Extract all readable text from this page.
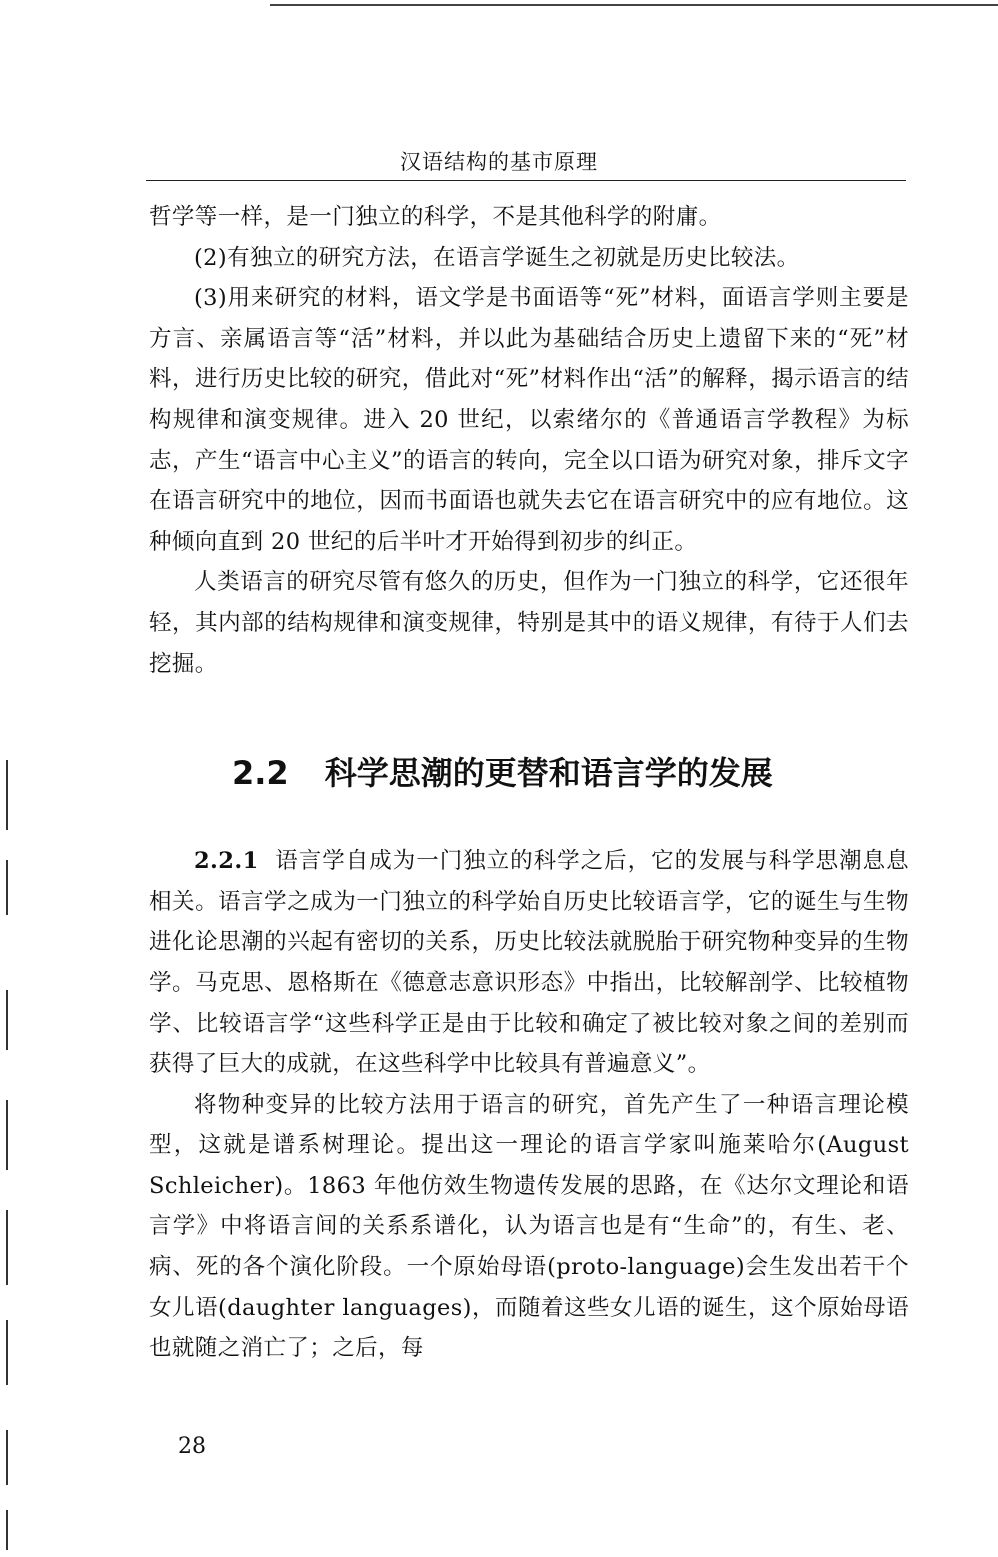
汉语结构的基市原理

哲学等一样，是一门独立的科学，不是其他科学的附庸。

(2)有独立的研究方法，在语言学诞生之初就是历史比较法。

(3)用来研究的材料，语文学是书面语等“死”材料，面语言学则主要是方言、亲属语言等“活”材料，并以此为基础结合历史上遗留下来的“死”材料，进行历史比较的研究，借此对“死”材料作出“活”的解释，揭示语言的结构规律和演变规律。进入 20 世纪，以索绪尔的《普通语言学教程》为标志，产生“语言中心主义”的语言的转向，完全以口语为研究对象，排斥文字在语言研究中的地位，因而书面语也就失去它在语言研究中的应有地位。这种倾向直到 20 世纪的后半叶才开始得到初步的纠正。

人类语言的研究尽管有悠久的历史，但作为一门独立的科学，它还很年轻，其内部的结构规律和演变规律，特别是其中的语义规律，有待于人们去挖掘。

2.2 科学思潮的更替和语言学的发展

2.2.1 语言学自成为一门独立的科学之后，它的发展与科学思潮息息相关。语言学之成为一门独立的科学始自历史比较语言学，它的诞生与生物进化论思潮的兴起有密切的关系，历史比较法就脱胎于研究物种变异的生物学。马克思、恩格斯在《德意志意识形态》中指出，比较解剖学、比较植物学、比较语言学“这些科学正是由于比较和确定了被比较对象之间的差别而获得了巨大的成就，在这些科学中比较具有普遍意义”。

将物种变异的比较方法用于语言的研究，首先产生了一种语言理论模型，这就是谱系树理论。提出这一理论的语言学家叫施莱哈尔(August Schleicher)。1863 年他仿效生物遗传发展的思路，在《达尔文理论和语言学》中将语言间的关系系谱化，认为语言也是有“生命”的，有生、老、病、死的各个演化阶段。一个原始母语(proto-language)会生发出若干个女儿语(daughter languages)，而随着这些女儿语的诞生，这个原始母语也就随之消亡了；之后，每

28
